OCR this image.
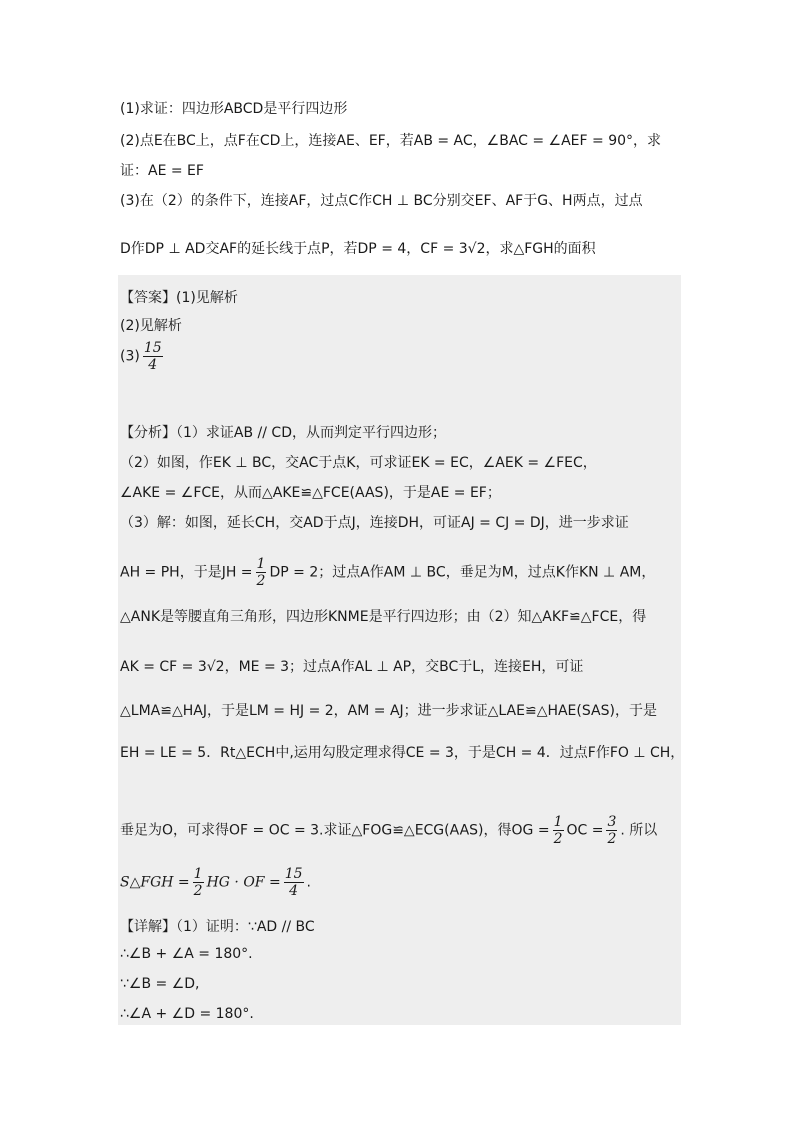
(1)求证：四边形ABCD是平行四边形
(2)点E在BC上，点F在CD上，连接AE、EF，若AB = AC，∠BAC = ∠AEF = 90°，求
证：AE = EF
(3)在（2）的条件下，连接AF，过点C作CH ⊥ BC分别交EF、AF于G、H两点，过点
D作DP ⊥ AD交AF的延长线于点P，若DP = 4，CF = 3√2，求△FGH的面积
【答案】(1)见解析
(2)见解析
$(3) \frac{15}{4}$
【分析】（1）求证AB // CD，从而判定平行四边形；
（2）如图，作EK ⊥ BC，交AC于点K，可求证EK = EC，∠AEK = ∠FEC，
∠AKE = ∠FCE，从而△AKE≌△FCE(AAS)，于是AE = EF；
（3）解：如图，延长CH，交AD于点J，连接DH，可证AJ = CJ = DJ，进一步求证
AH = PH，于是JH = $\frac{1}{2}$ DP = 2；过点A作AM ⊥ BC，垂足为M，过点K作KN ⊥ AM，
△ANK是等腰直角三角形，四边形KNME是平行四边形；由（2）知△AKF≌△FCE，得
AK = CF = 3√2，ME = 3；过点A作AL ⊥ AP，交BC于L，连接EH，可证
△LMA≌△HAJ，于是LM = HJ = 2，AM = AJ；进一步求证△LAE≌△HAE(SAS)，于是
EH = LE = 5．Rt△ECH中,运用勾股定理求得CE = 3，于是CH = 4．过点F作FO ⊥ CH，
垂足为O，可求得OF = OC = 3.求证△FOG≌△ECG(AAS)，得OG = $\frac{1}{2}$ OC = $\frac{3}{2}$ . 所以
S△FGH = $\frac{1}{2}$ HG · OF = $\frac{15}{4}$ .
【详解】（1）证明：∵AD // BC
∴∠B + ∠A = 180°.
∵∠B = ∠D,
∴∠A + ∠D = 180°.
